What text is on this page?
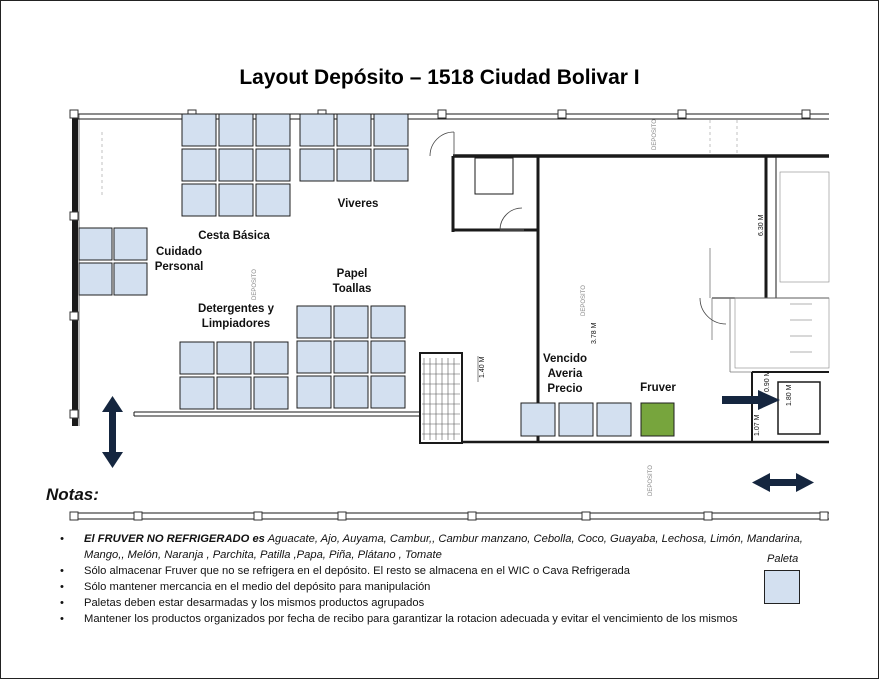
Layout Depósito – 1518 Ciudad Bolivar I
DEPOSITO
DEPOSITO
DEPOSITO
DEPOSITO
6.30 M
3.78 M
1.40 M
1.80 M
1.07 M
0.90 M
Viveres
Cesta Básica
Cuidado
Personal
Papel
Toallas
Detergentes y
Limpiadores
Vencido
Averia
Precio	Fruver
Notas:
• El FRUVER NO REFRIGERADO es Aguacate, Ajo, Auyama, Cambur,, Cambur manzano, Cebolla, Coco, Guayaba, Lechosa, Limón, Mandarina, Mango,, Melón, Naranja , Parchita, Patilla ,Papa, Piña, Plátano , Tomate
• Sólo almacenar Fruver que no se refrigera en el depósito. El resto se almacena en el WIC o Cava Refrigerada
• Sólo mantener mercancia en el medio del depósito para manipulación
• Paletas deben estar desarmadas y los mismos productos agrupados
• Mantener los productos organizados por fecha de recibo para garantizar la rotacion adecuada y evitar el vencimiento de los mismos
Paleta
